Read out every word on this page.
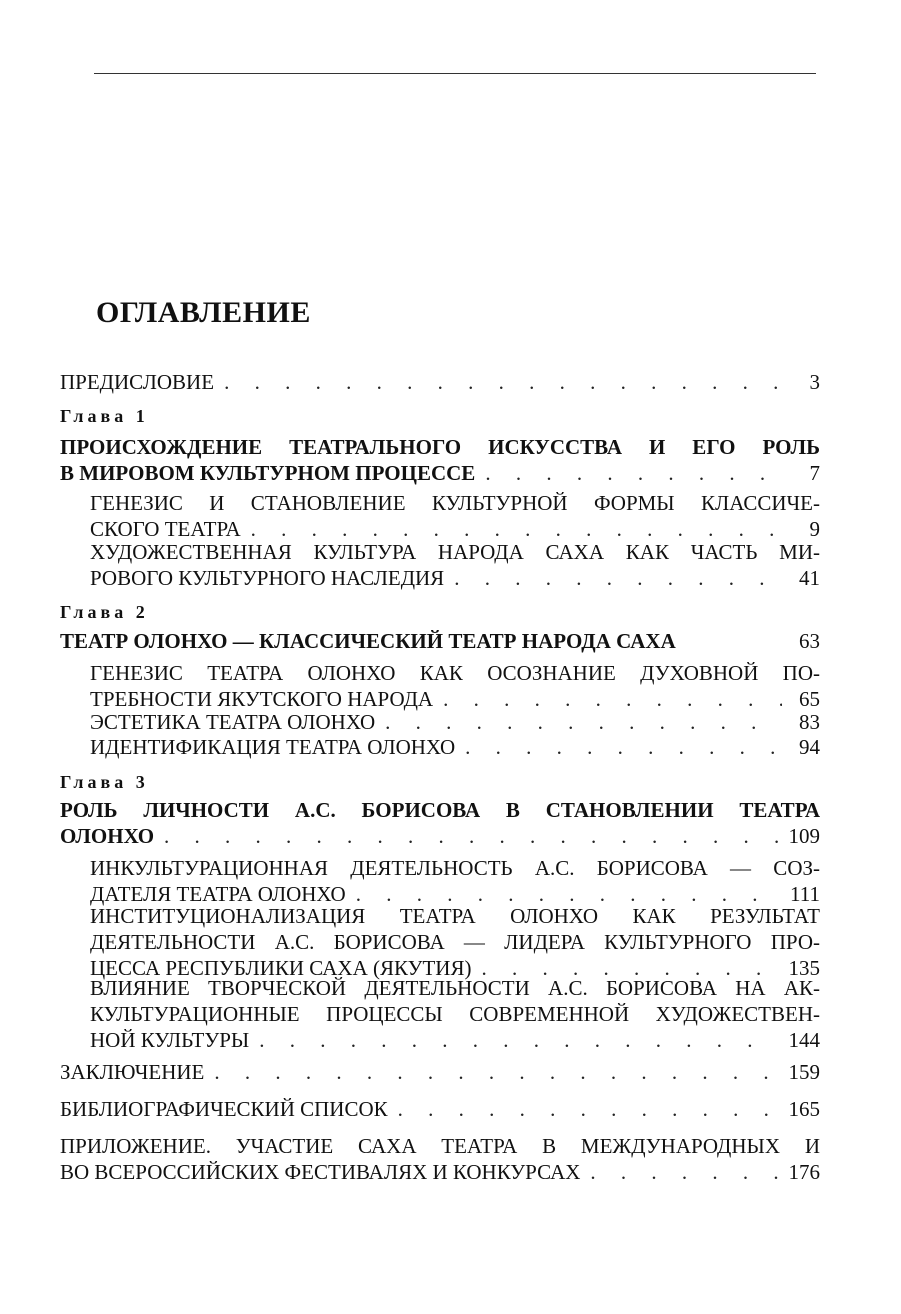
ОГЛАВЛЕНИЕ
ПРЕДИСЛОВИЕ . . .	3

Глава 1

ПРОИСХОЖДЕНИЕ ТЕАТРАЛЬНОГО ИСКУССТВА И ЕГО РОЛЬ
В МИРОВОМ КУЛЬТУРНОМ ПРОЦЕССЕ . . .	7
ГЕНЕЗИС И СТАНОВЛЕНИЕ КУЛЬТУРНОЙ ФОРМЫ КЛАССИЧЕ-
СКОГО ТЕАТРА . . .	9
ХУДОЖЕСТВЕННАЯ КУЛЬТУРА НАРОДА САХА КАК ЧАСТЬ МИ-
РОВОГО КУЛЬТУРНОГО НАСЛЕДИЯ . . .	41

Глава 2

ТЕАТР ОЛОНХО — КЛАССИЧЕСКИЙ ТЕАТР НАРОДА САХА	63
ГЕНЕЗИС ТЕАТРА ОЛОНХО КАК ОСОЗНАНИЕ ДУХОВНОЙ ПО-
ТРЕБНОСТИ ЯКУТСКОГО НАРОДА . . .	65
ЭСТЕТИКА ТЕАТРА ОЛОНХО . . .	83
ИДЕНТИФИКАЦИЯ ТЕАТРА ОЛОНХО . . .	94

Глава 3

РОЛЬ ЛИЧНОСТИ А.С. БОРИСОВА В СТАНОВЛЕНИИ ТЕАТРА
ОЛОНХО . . .	109
ИНКУЛЬТУРАЦИОННАЯ ДЕЯТЕЛЬНОСТЬ А.С. БОРИСОВА — СОЗ-
ДАТЕЛЯ ТЕАТРА ОЛОНХО . . .	111
ИНСТИТУЦИОНАЛИЗАЦИЯ ТЕАТРА ОЛОНХО КАК РЕЗУЛЬТАТ
ДЕЯТЕЛЬНОСТИ А.С. БОРИСОВА — ЛИДЕРА КУЛЬТУРНОГО ПРО-
ЦЕССА РЕСПУБЛИКИ САХА (ЯКУТИЯ) . . .	135
ВЛИЯНИЕ ТВОРЧЕСКОЙ ДЕЯТЕЛЬНОСТИ А.С. БОРИСОВА НА АК-
КУЛЬТУРАЦИОННЫЕ ПРОЦЕССЫ СОВРЕМЕННОЙ ХУДОЖЕСТВЕН-
НОЙ КУЛЬТУРЫ . . .	144
ЗАКЛЮЧЕНИЕ . . .	159
БИБЛИОГРАФИЧЕСКИЙ СПИСОК . . .	165
ПРИЛОЖЕНИЕ. УЧАСТИЕ САХА ТЕАТРА В МЕЖДУНАРОДНЫХ И
ВО ВСЕРОССИЙСКИХ ФЕСТИВАЛЯХ И КОНКУРСАХ . . .	176
